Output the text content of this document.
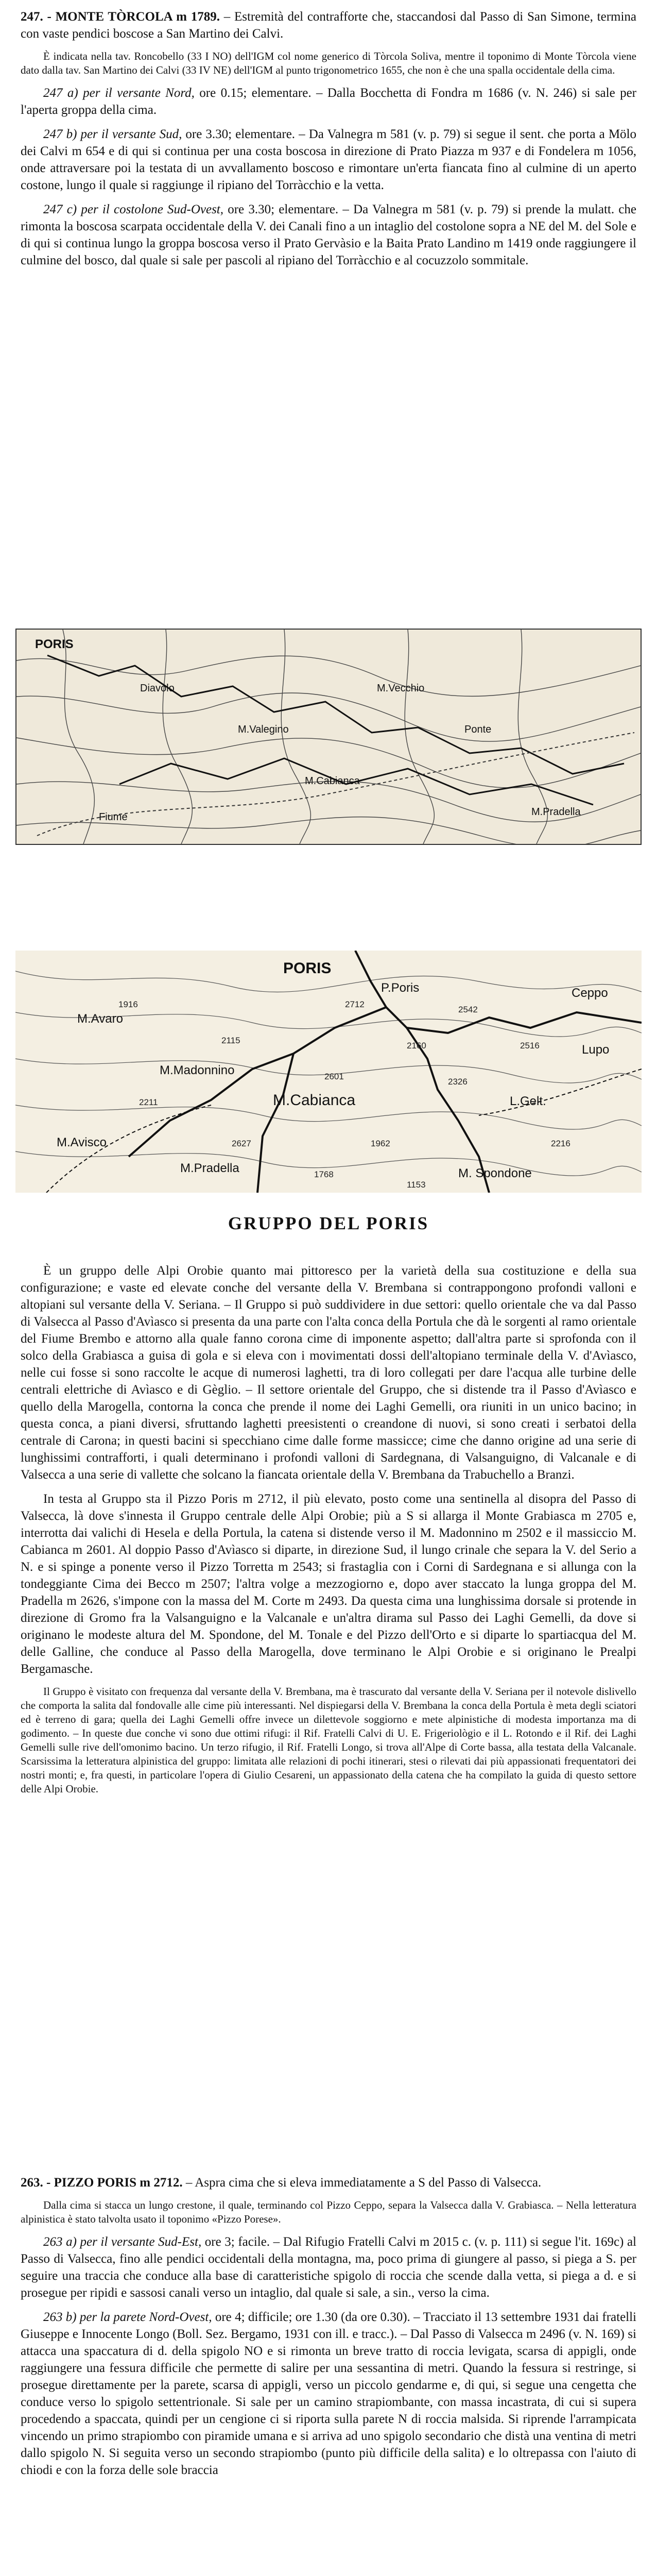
247. - MONTE TÒRCOLA m 1789. – Estremità del contrafforte che, staccandosi dal Passo di San Simone, termina con vaste pendici boscose a San Martino dei Calvi.

È indicata nella tav. Roncobello (33 I NO) dell'IGM col nome generico di Tòrcola Soliva, mentre il toponimo di Monte Tòrcola viene dato dalla tav. San Martino dei Calvi (33 IV NE) dell'IGM al punto trigonometrico 1655, che non è che una spalla occidentale della cima.

247 a) per il versante Nord, ore 0.15; elementare. – Dalla Bocchetta di Fondra m 1686 (v. N. 246) si sale per l'aperta groppa della cima.

247 b) per il versante Sud, ore 3.30; elementare. – Da Valnegra m 581 (v. p. 79) si segue il sent. che porta a Mölo dei Calvi m 654 e di qui si continua per una costa boscosa in direzione di Prato Piazza m 937 e di Fondelera m 1056, onde attraversare poi la testata di un avvallamento boscoso e rimontare un'erta fiancata fino al culmine di un aperto costone, lungo il quale si raggiunge il ripiano del Torràcchio e la vetta.

247 c) per il costolone Sud-Ovest, ore 3.30; elementare. – Da Valnegra m 581 (v. p. 79) si prende la mulatt. che rimonta la boscosa scarpata occidentale della V. dei Canali fino a un intaglio del costolone sopra a NE del M. del Sole e di qui si continua lungo la groppa boscosa verso il Prato Gervàsio e la Baita Prato Landino m 1419 onde raggiungere il culmine del bosco, dal quale si sale per pascoli al ripiano del Torràcchio e al cocuzzolo sommitale.

PORIS
Diavolo
M.Valegino
M.Vecchio
Ponte
M.Cabianca
Fiume	M.Pradella
PORIS
M.Avaro
M.Madonnino
M.Cabianca
M.Avisco
M.Pradella
L.Gelt.
Ceppo
Lupo
P.Poris
M. Spondone
2712
1916
2115
2160
2542
2601
2516
2211
2326
2627	1962
1768
2216
1153
GRUPPO DEL PORIS

È un gruppo delle Alpi Orobie quanto mai pittoresco per la varietà della sua costituzione e della sua configurazione; e vaste ed elevate conche del versante della V. Brembana si contrappongono profondi valloni e altopiani sul versante della V. Seriana. – Il Gruppo si può suddividere in due settori: quello orientale che va dal Passo di Valsecca al Passo d'Avìasco si presenta da una parte con l'alta conca della Portula che dà le sorgenti al ramo orientale del Fiume Brembo e attorno alla quale fanno corona cime di imponente aspetto; dall'altra parte si sprofonda con il solco della Grabiasca a guisa di gola e si eleva con i movimentati dossi dell'altopiano terminale della V. d'Avìasco, nelle cui fosse si sono raccolte le acque di numerosi laghetti, tra di loro collegati per dare l'acqua alle turbine delle centrali elettriche di Avìasco e di Gèglio. – Il settore orientale del Gruppo, che si distende tra il Passo d'Avìasco e quello della Marogella, contorna la conca che prende il nome dei Laghi Gemelli, ora riuniti in un unico bacino; in questa conca, a piani diversi, sfruttando laghetti preesistenti o creandone di nuovi, si sono creati i serbatoi della centrale di Carona; in questi bacini si specchiano cime dalle forme massicce; cime che danno origine ad una serie di lunghissimi contrafforti, i quali determinano i profondi valloni di Sardegnana, di Valsanguigno, di Valcanale e di Valsecca a una serie di vallette che solcano la fiancata orientale della V. Brembana da Trabuchello a Branzi.

In testa al Gruppo sta il Pizzo Poris m 2712, il più elevato, posto come una sentinella al disopra del Passo di Valsecca, là dove s'innesta il Gruppo centrale delle Alpi Orobie; più a S si allarga il Monte Grabiasca m 2705 e, interrotta dai valichi di Hesela e della Portula, la catena si distende verso il M. Madonnino m 2502 e il massiccio M. Cabianca m 2601. Al doppio Passo d'Avìasco si diparte, in direzione Sud, il lungo crinale che separa la V. del Serio a N. e si spinge a ponente verso il Pizzo Torretta m 2543; si frastaglia con i Corni di Sardegnana e si allunga con la tondeggiante Cima dei Becco m 2507; l'altra volge a mezzogiorno e, dopo aver staccato la lunga groppa del M. Pradella m 2626, s'impone con la massa del M. Corte m 2493. Da questa cima una lunghissima dorsale si protende in direzione di Gromo fra la Valsanguigno e la Valcanale e un'altra dirama sul Passo dei Laghi Gemelli, da dove si originano le modeste altura del M. Spondone, del M. Tonale e del Pizzo dell'Orto e si diparte lo spartiacqua del M. delle Galline, che conduce al Passo della Marogella, dove terminano le Alpi Orobie e si originano le Prealpi Bergamasche.

Il Gruppo è visitato con frequenza dal versante della V. Brembana, ma è trascurato dal versante della V. Seriana per il notevole dislivello che comporta la salita dal fondovalle alle cime più interessanti. Nel dispiegarsi della V. Brembana la conca della Portula è meta degli sciatori ed è terreno di gara; quella dei Laghi Gemelli offre invece un dilettevole soggiorno e mete alpinistiche di modesta importanza ma di godimento. – In queste due conche vi sono due ottimi rifugi: il Rif. Fratelli Calvi di U. E. Frigeriològio e il L. Rotondo e il Rif. dei Laghi Gemelli sulle rive dell'omonimo bacino. Un terzo rifugio, il Rif. Fratelli Longo, si trova all'Alpe di Corte bassa, alla testata della Valcanale. Scarsissima la letteratura alpinistica del gruppo: limitata alle relazioni di pochi itinerari, stesi o rilevati dai più appassionati frequentatori dei nostri monti; e, fra questi, in particolare l'opera di Giulio Cesareni, un appassionato della catena che ha compilato la guida di questo settore delle Alpi Orobie.

263. - PIZZO PORIS m 2712. – Aspra cima che si eleva immediatamente a S del Passo di Valsecca.

Dalla cima si stacca un lungo crestone, il quale, terminando col Pizzo Ceppo, separa la Valsecca dalla V. Grabiasca. – Nella letteratura alpinistica è stato talvolta usato il toponimo «Pizzo Porese».

263 a) per il versante Sud-Est, ore 3; facile. – Dal Rifugio Fratelli Calvi m 2015 c. (v. p. 111) si segue l'it. 169c) al Passo di Valsecca, fino alle pendici occidentali della montagna, ma, poco prima di giungere al passo, si piega a S. per seguire una traccia che conduce alla base di caratteristiche spigolo di roccia che scende dalla vetta, si piega a d. e si prosegue per ripidi e sassosi canali verso un intaglio, dal quale si sale, a sin., verso la cima.

263 b) per la parete Nord-Ovest, ore 4; difficile; ore 1.30 (da ore 0.30). – Tracciato il 13 settembre 1931 dai fratelli Giuseppe e Innocente Longo (Boll. Sez. Bergamo, 1931 con ill. e tracc.). – Dal Passo di Valsecca m 2496 (v. N. 169) si attacca una spaccatura di d. della spigolo NO e si rimonta un breve tratto di roccia levigata, scarsa di appigli, onde raggiungere una fessura difficile che permette di salire per una sessantina di metri. Quando la fessura si restringe, si prosegue direttamente per la parete, scarsa di appigli, verso un piccolo gendarme e, di qui, si segue una cengetta che conduce verso lo spigolo settentrionale. Si sale per un camino strapiombante, con massa incastrata, di cui si supera procedendo a spaccata, quindi per un cengione ci si riporta sulla parete N di roccia malsida. Si riprende l'arrampicata vincendo un primo strapiombo con piramide umana e si arriva ad uno spigolo secondario che distà una ventina di metri dallo spigolo N. Si seguita verso un secondo strapiombo (punto più difficile della salita) e lo oltrepassa con l'aiuto di chiodi e con la forza delle sole braccia
